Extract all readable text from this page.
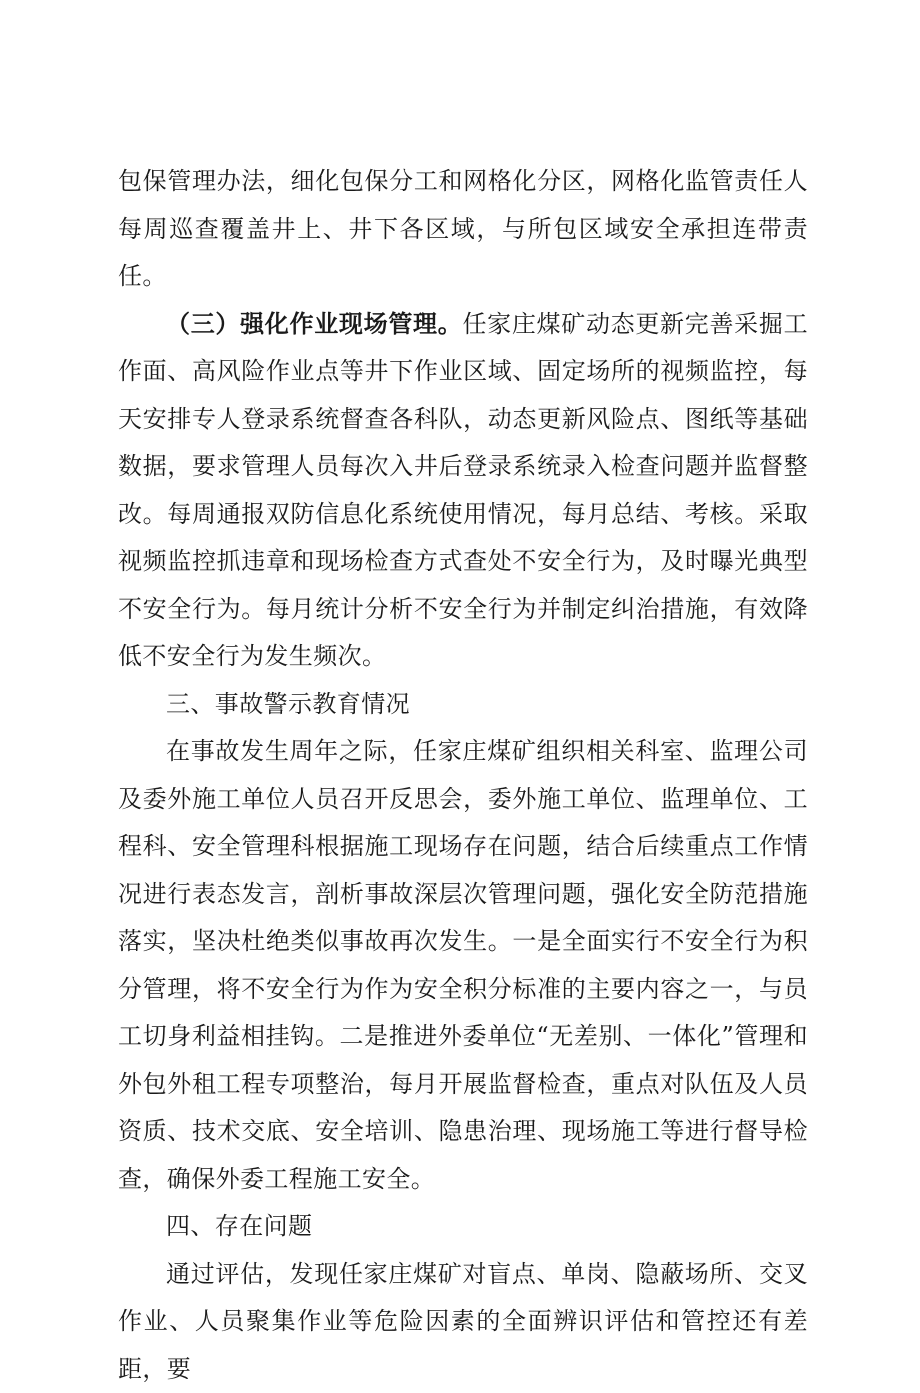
包保管理办法，细化包保分工和网格化分区，网格化监管责任人每周巡查覆盖井上、井下各区域，与所包区域安全承担连带责任。

（三）强化作业现场管理。任家庄煤矿动态更新完善采掘工作面、高风险作业点等井下作业区域、固定场所的视频监控，每天安排专人登录系统督查各科队，动态更新风险点、图纸等基础数据，要求管理人员每次入井后登录系统录入检查问题并监督整改。每周通报双防信息化系统使用情况，每月总结、考核。采取视频监控抓违章和现场检查方式查处不安全行为，及时曝光典型不安全行为。每月统计分析不安全行为并制定纠治措施，有效降低不安全行为发生频次。

三、事故警示教育情况

在事故发生周年之际，任家庄煤矿组织相关科室、监理公司及委外施工单位人员召开反思会，委外施工单位、监理单位、工程科、安全管理科根据施工现场存在问题，结合后续重点工作情况进行表态发言，剖析事故深层次管理问题，强化安全防范措施落实，坚决杜绝类似事故再次发生。一是全面实行不安全行为积分管理，将不安全行为作为安全积分标准的主要内容之一，与员工切身利益相挂钩。二是推进外委单位“无差别、一体化”管理和外包外租工程专项整治，每月开展监督检查，重点对队伍及人员资质、技术交底、安全培训、隐患治理、现场施工等进行督导检查，确保外委工程施工安全。

四、存在问题

通过评估，发现任家庄煤矿对盲点、单岗、隐蔽场所、交叉作业、人员聚集作业等危险因素的全面辨识评估和管控还有差距，要
